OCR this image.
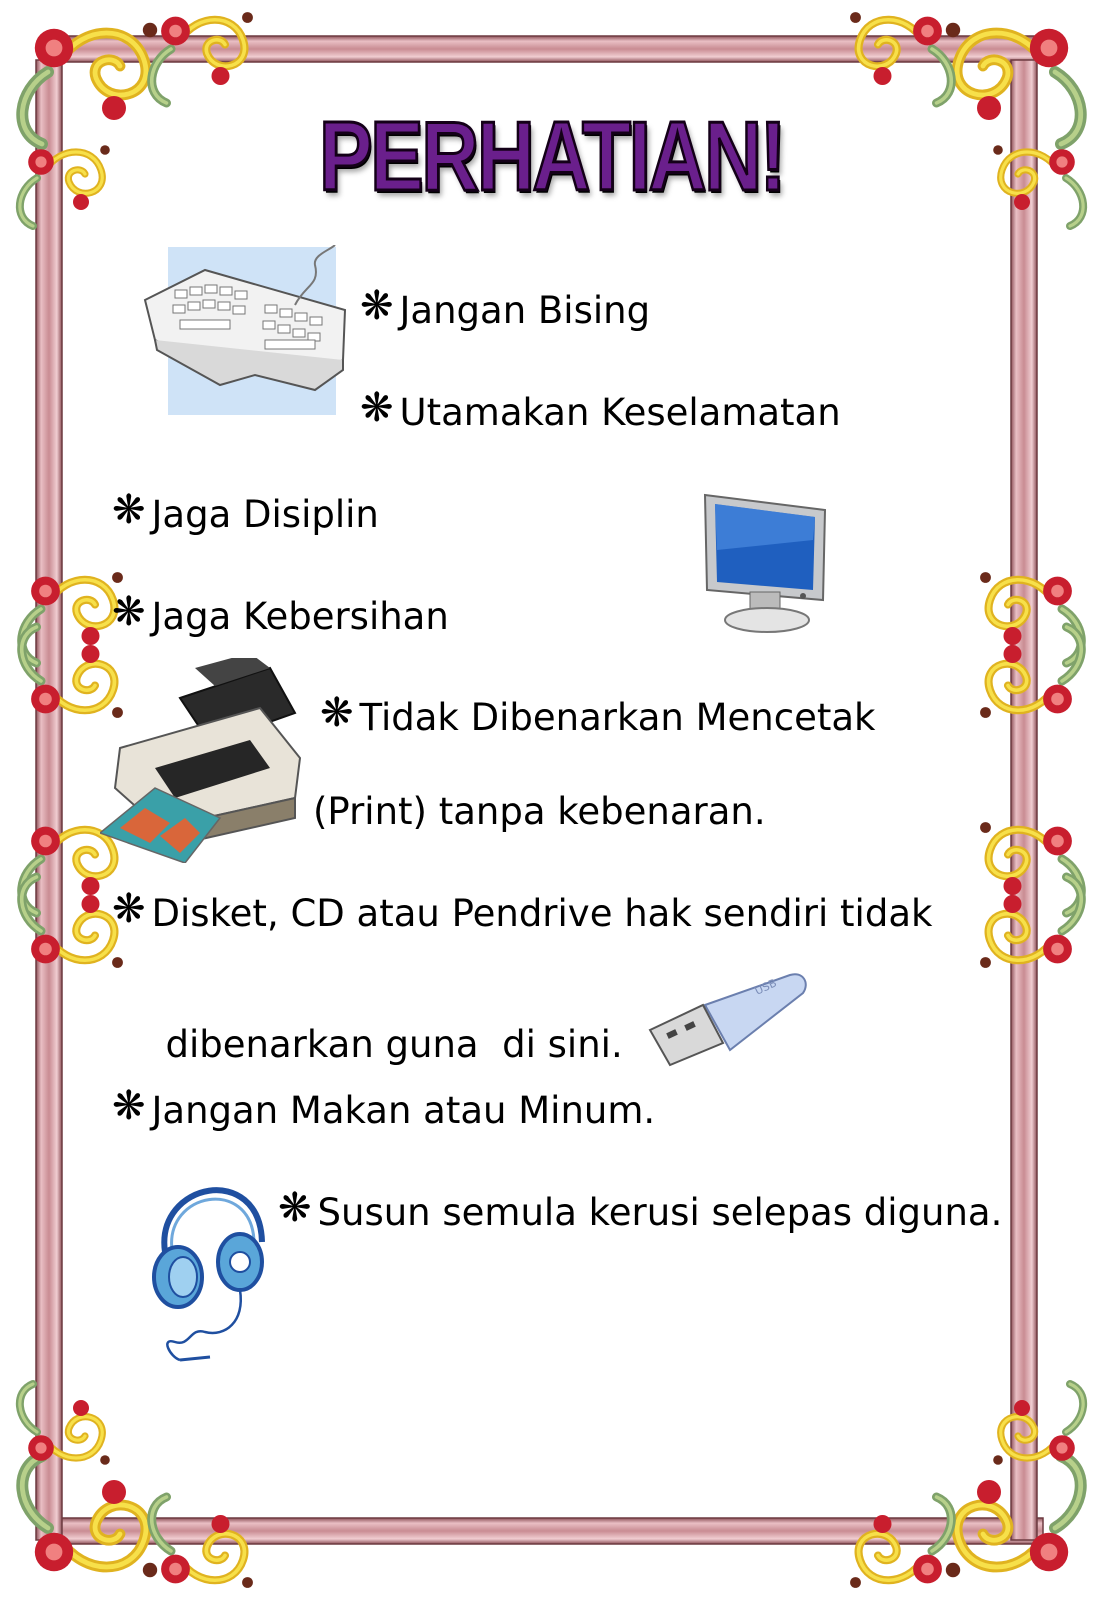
PERHATIAN!
USB
❋ Jangan Bising
❋ Utamakan Keselamatan
❋ Jaga Disiplin
❋ Jaga Kebersihan
❋ Tidak Dibenarkan Mencetak
(Print) tanpa kebenaran.
❋ Disket, CD atau Pendrive hak sendiri tidak

dibenarkan guna  di sini.

❋ Jangan Makan atau Minum.
❋ Susun semula kerusi selepas diguna.
